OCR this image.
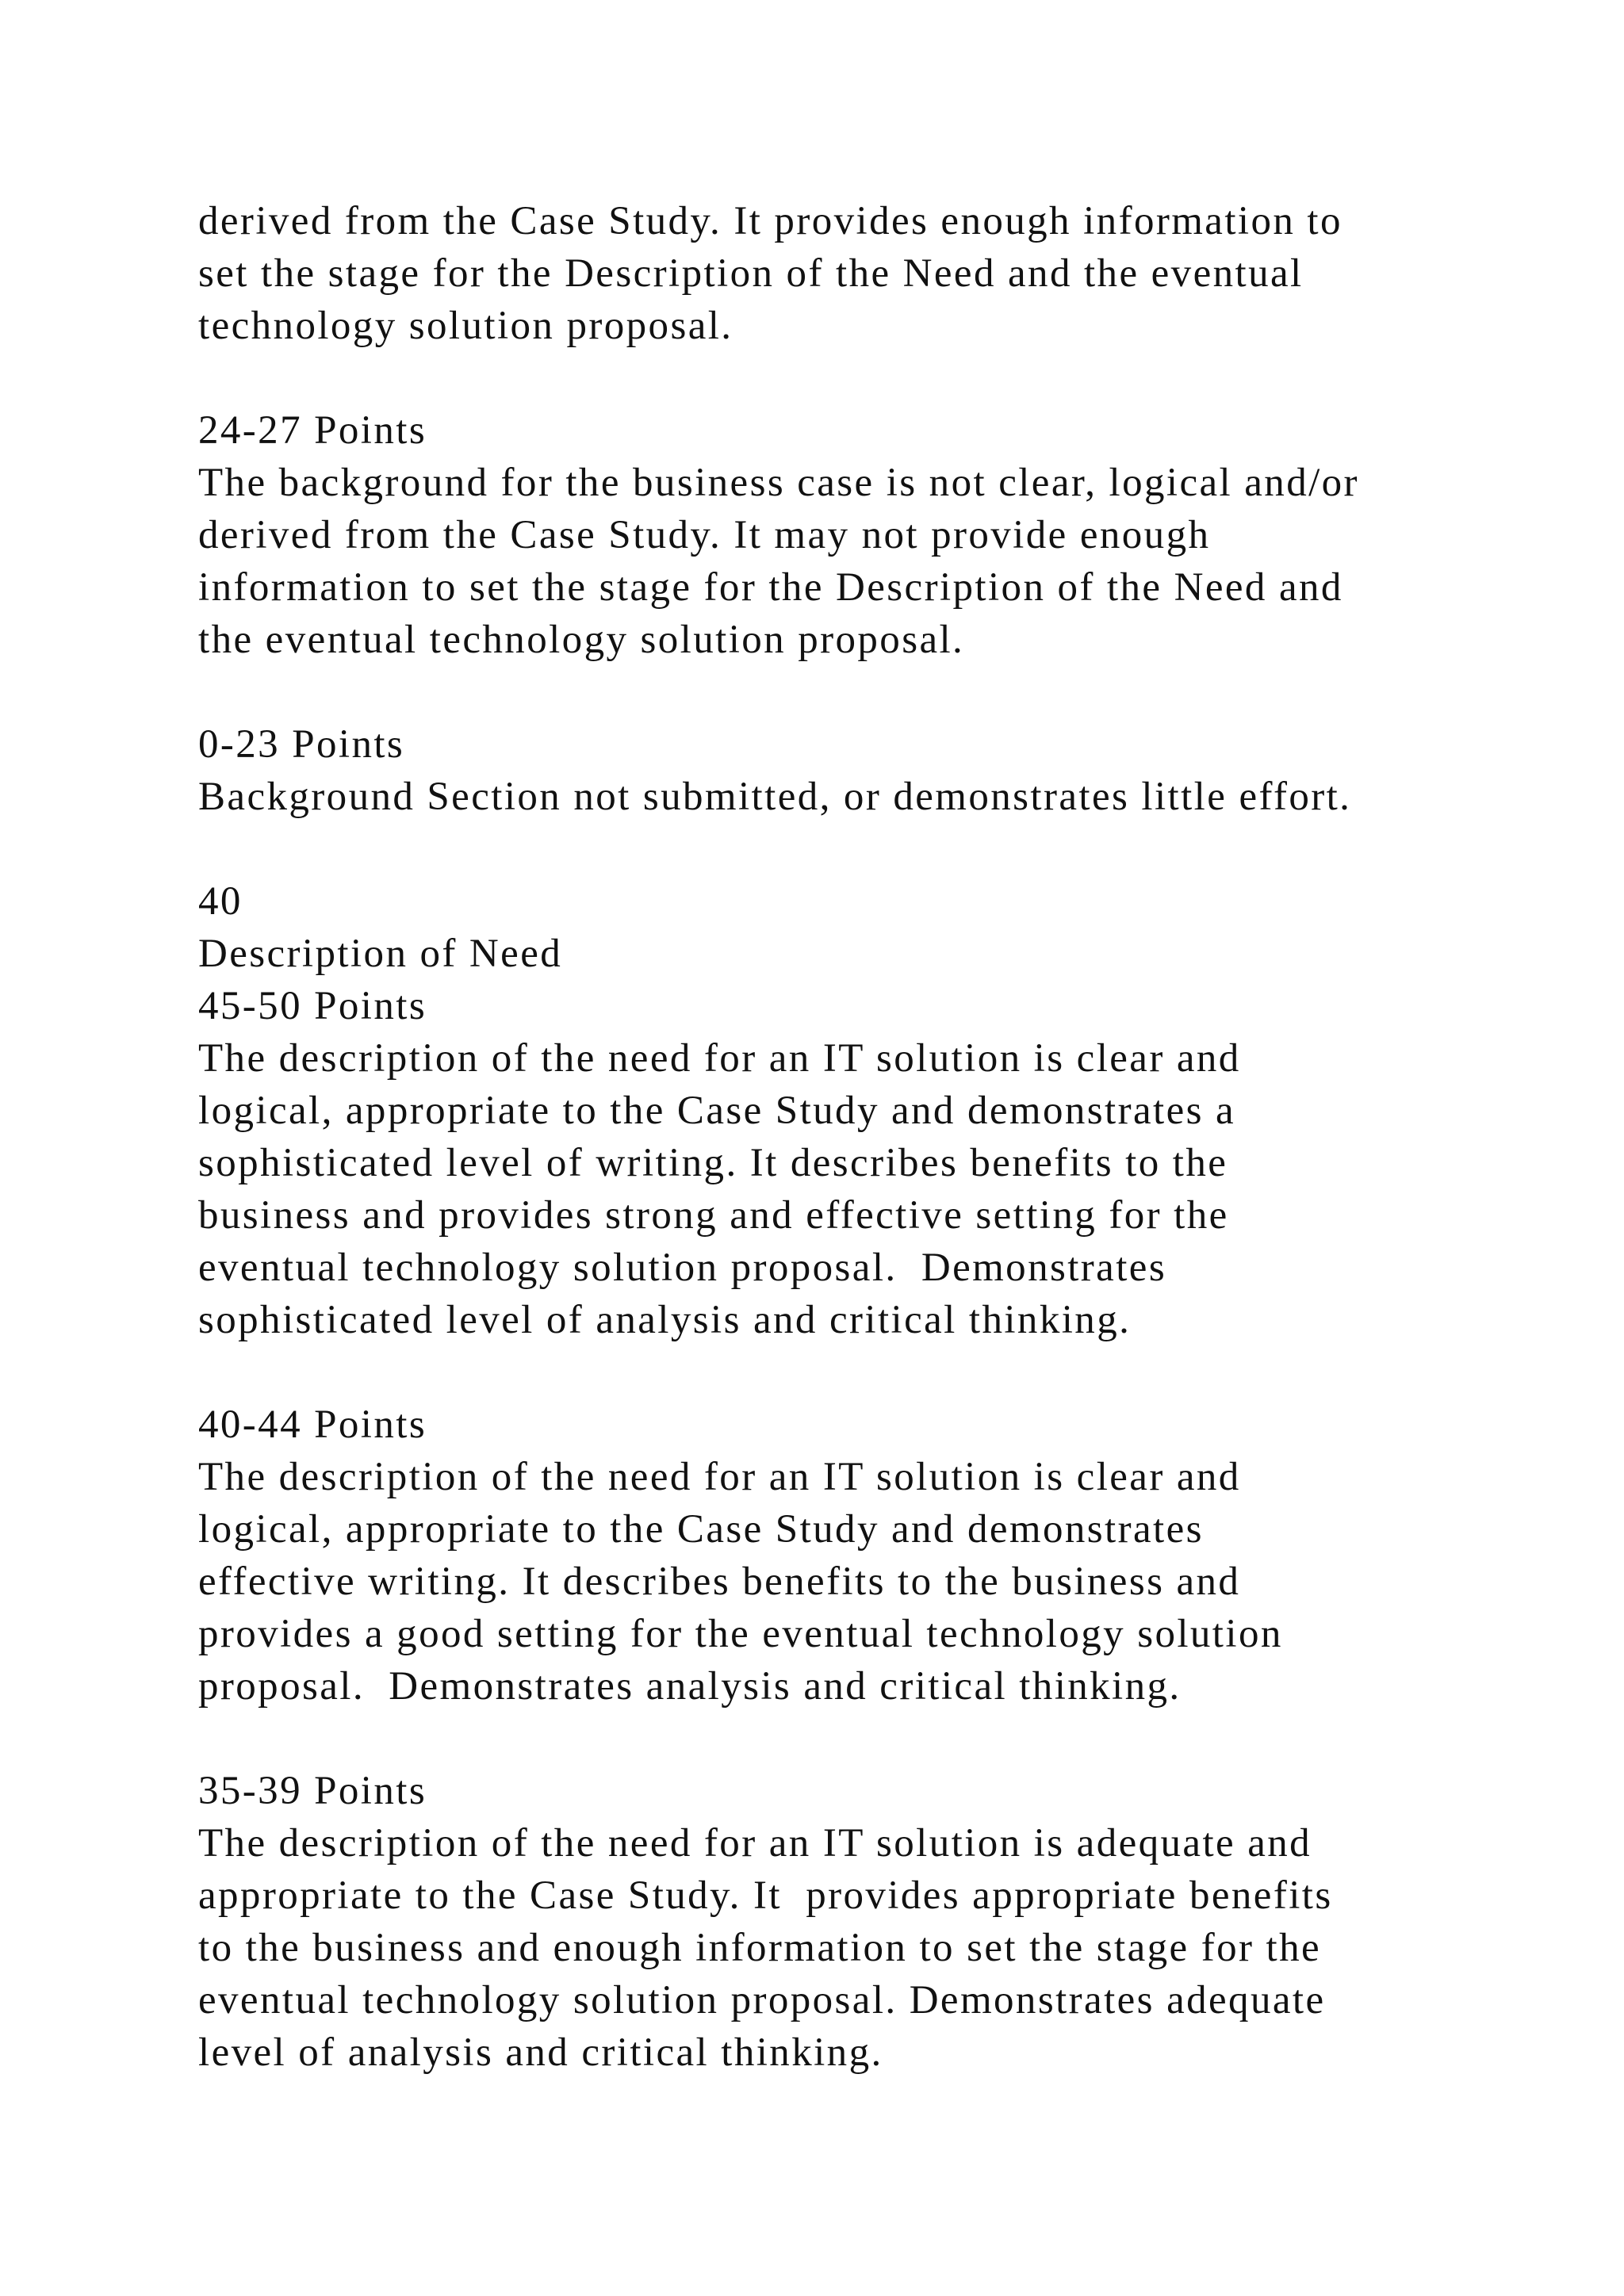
derived from the Case Study. It provides enough information to
set the stage for the Description of the Need and the eventual
technology solution proposal.
24-27 Points
The background for the business case is not clear, logical and/or
derived from the Case Study. It may not provide enough
information to set the stage for the Description of the Need and
the eventual technology solution proposal.
0-23 Points
Background Section not submitted, or demonstrates little effort.
40
Description of Need
45-50 Points
The description of the need for an IT solution is clear and
logical, appropriate to the Case Study and demonstrates a
sophisticated level of writing. It describes benefits to the
business and provides strong and effective setting for the
eventual technology solution proposal.  Demonstrates
sophisticated level of analysis and critical thinking.
40-44 Points
The description of the need for an IT solution is clear and
logical, appropriate to the Case Study and demonstrates
effective writing. It describes benefits to the business and
provides a good setting for the eventual technology solution
proposal.  Demonstrates analysis and critical thinking.
35-39 Points
The description of the need for an IT solution is adequate and
appropriate to the Case Study. It  provides appropriate benefits
to the business and enough information to set the stage for the
eventual technology solution proposal. Demonstrates adequate
level of analysis and critical thinking.
